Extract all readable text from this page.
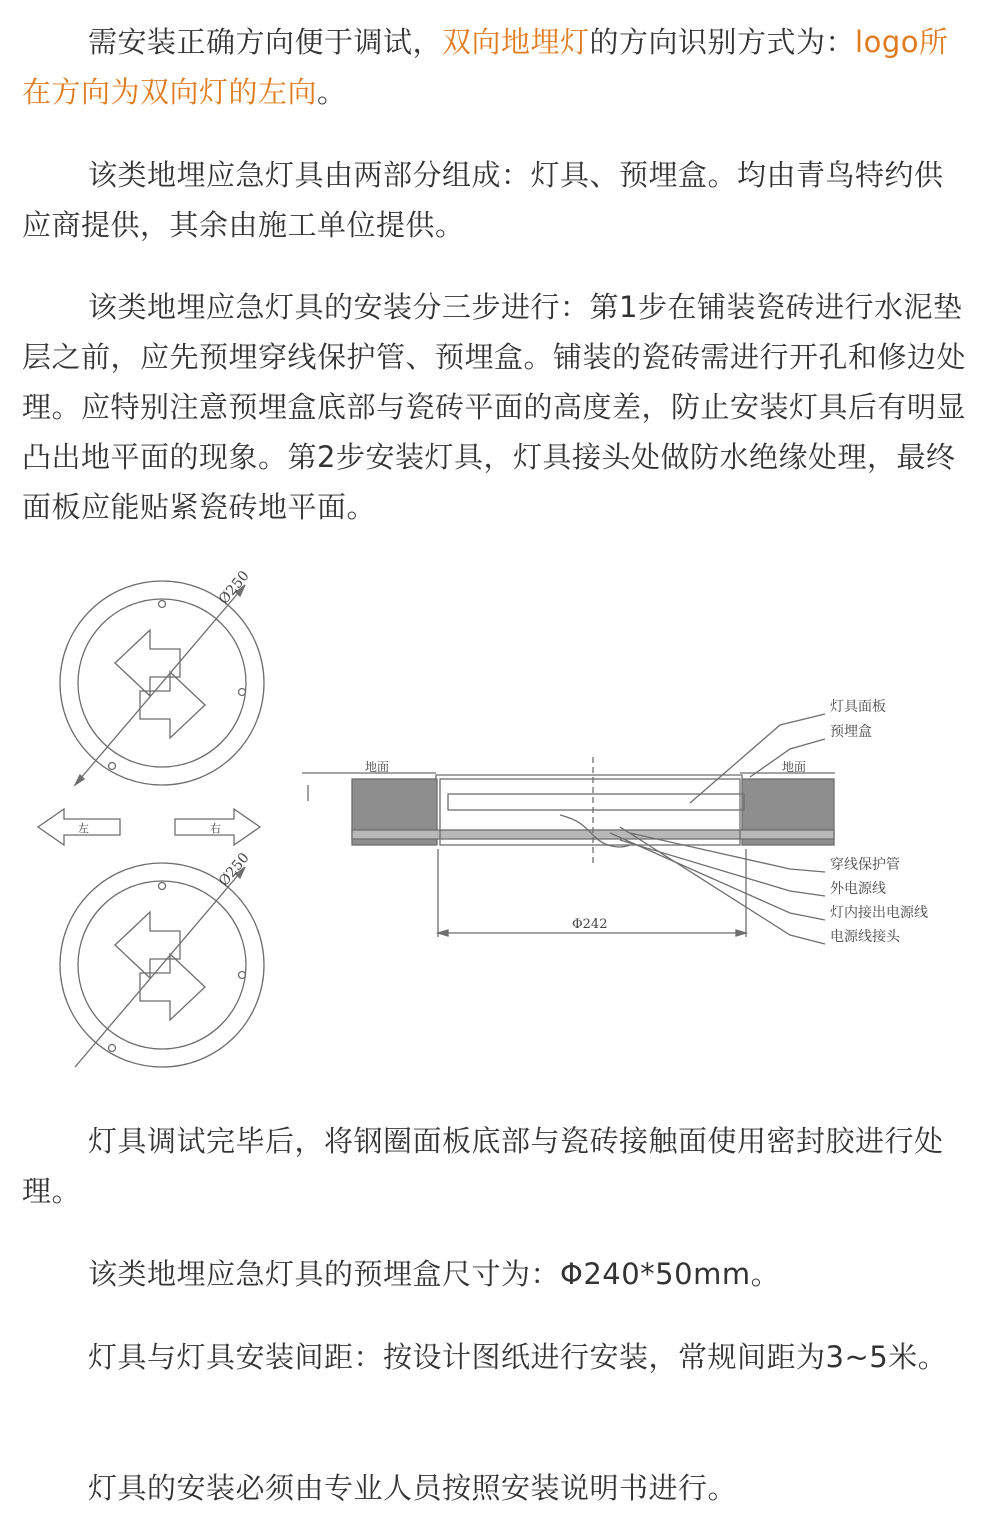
需安装正确方向便于调试，双向地埋灯的方向识别方式为：logo所在方向为双向灯的左向。

该类地埋应急灯具由两部分组成：灯具、预埋盒。均由青鸟特约供应商提供，其余由施工单位提供。

该类地埋应急灯具的安装分三步进行：第1步在铺装瓷砖进行水泥垫层之前，应先预埋穿线保护管、预埋盒。铺装的瓷砖需进行开孔和修边处理。应特别注意预埋盒底部与瓷砖平面的高度差，防止安装灯具后有明显凸出地平面的现象。第2步安装灯具，灯具接头处做防水绝缘处理，最终面板应能贴紧瓷砖地平面。

Ø250
Ø250
左	右
地面	地面
Φ242
灯具面板
预埋盒
穿线保护管
外电源线
灯内接出电源线
电源线接头

灯具调试完毕后，将钢圈面板底部与瓷砖接触面使用密封胶进行处理。

该类地埋应急灯具的预埋盒尺寸为：Φ240*50mm。

灯具与灯具安装间距：按设计图纸进行安装，常规间距为3~5米。

灯具的安装必须由专业人员按照安装说明书进行。
